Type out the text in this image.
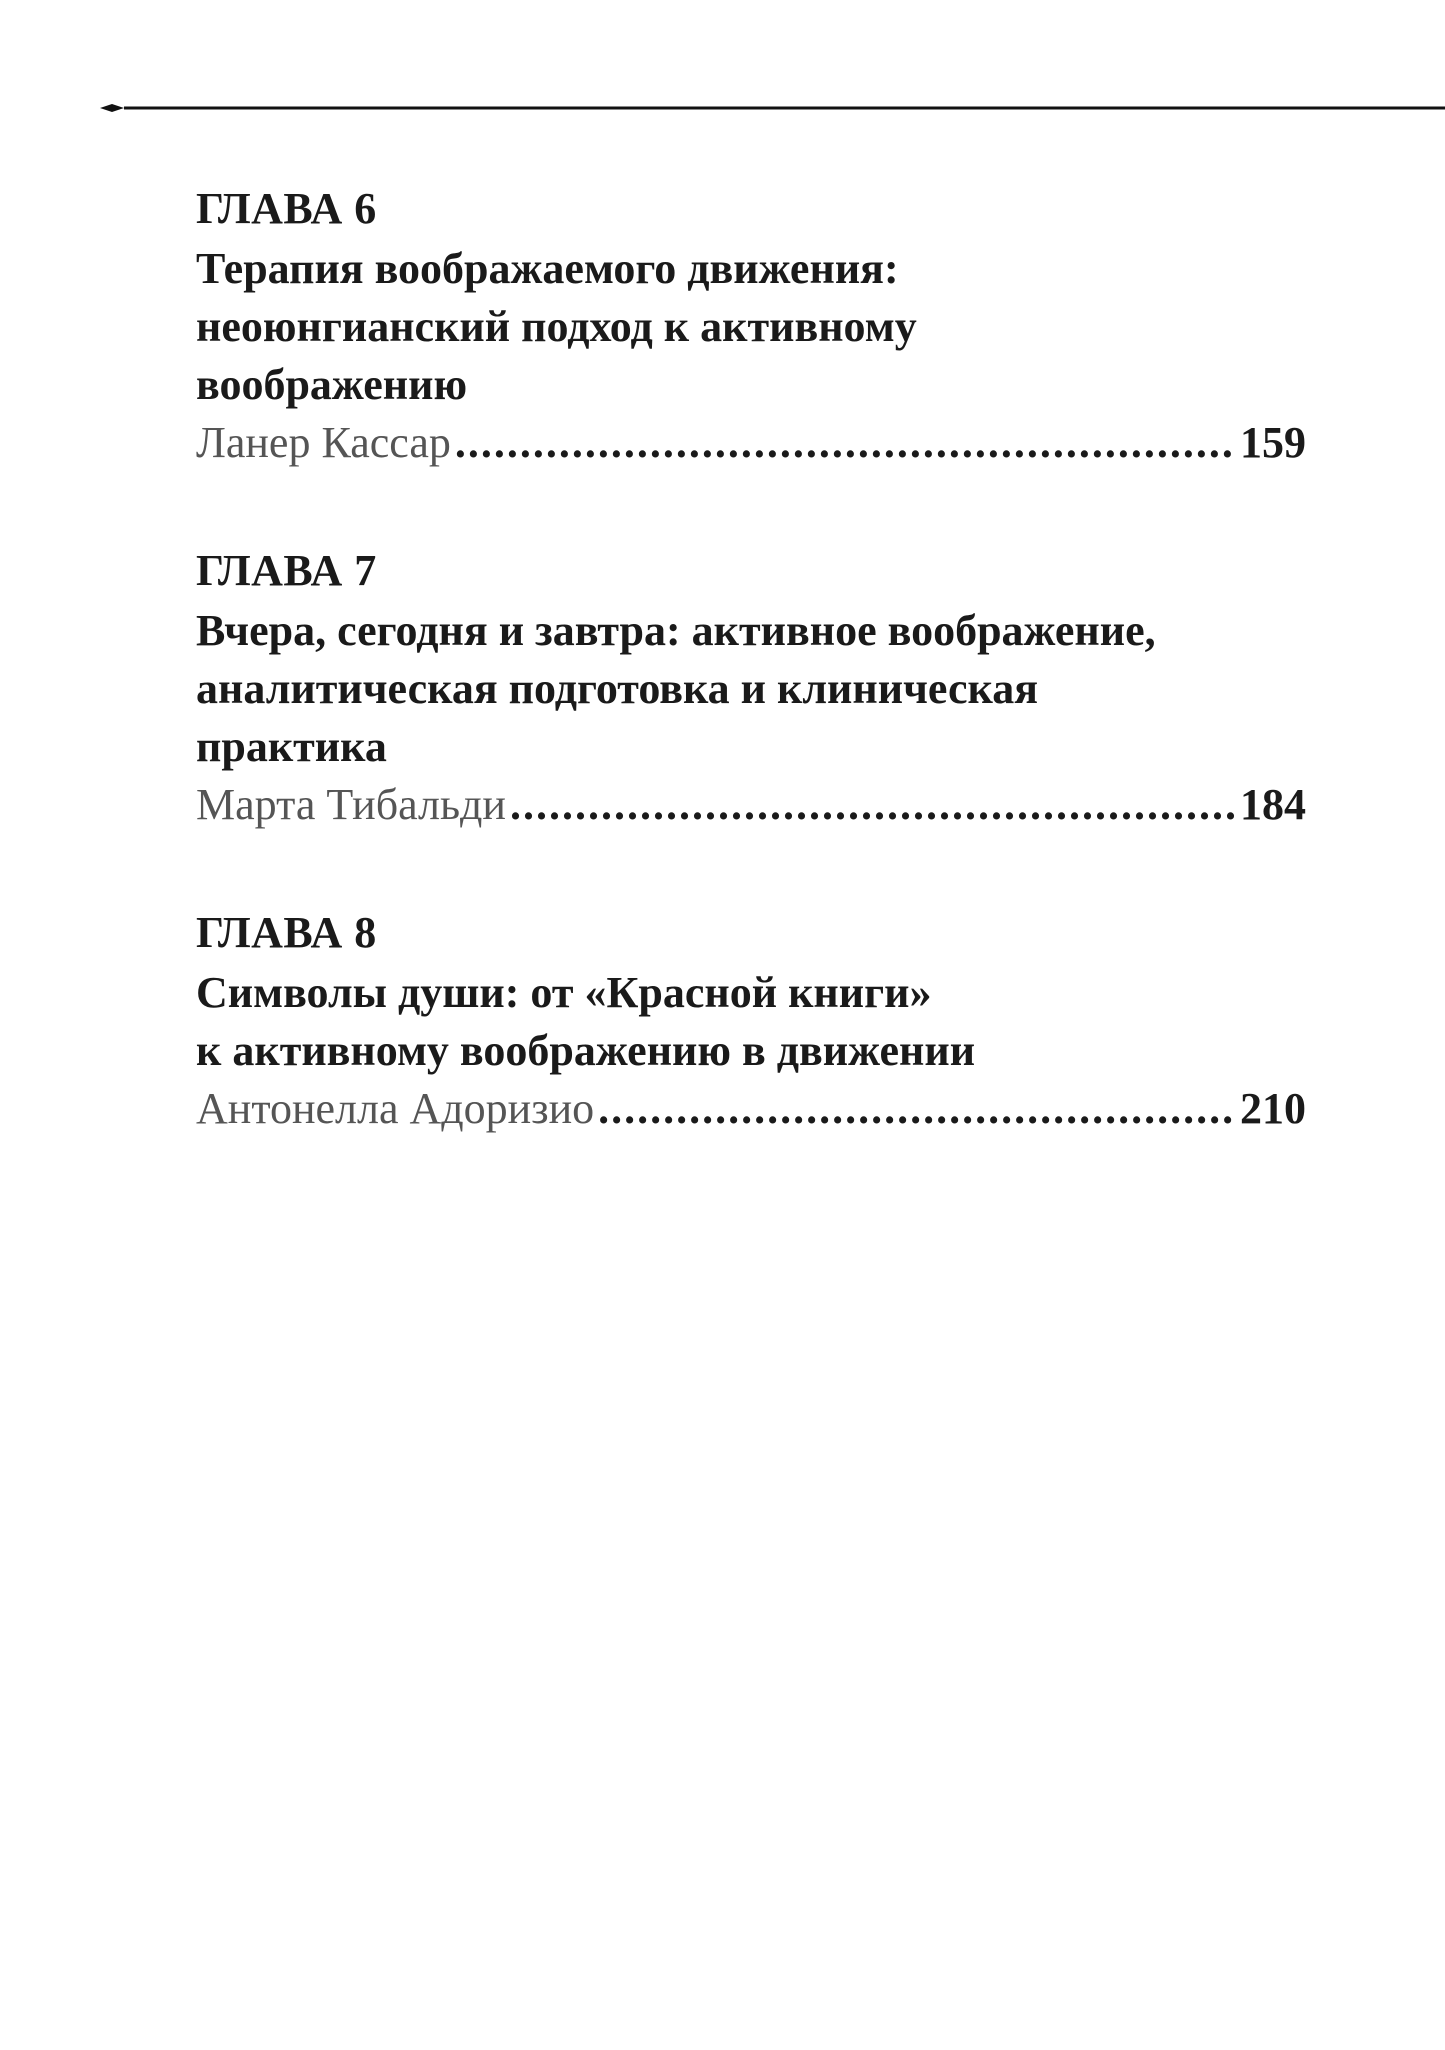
ГЛАВА 6
Терапия воображаемого движения:
неоюнгианский подход к активному
воображению
Ланер Кассар .....	159
ГЛАВА 7
Вчера, сегодня и завтра: активное воображение,
аналитическая подготовка и клиническая
практика
Марта Тибальди .....	184
ГЛАВА 8
Символы души: от «Красной книги»
к активному воображению в движении
Антонелла Адоризио .....	210
